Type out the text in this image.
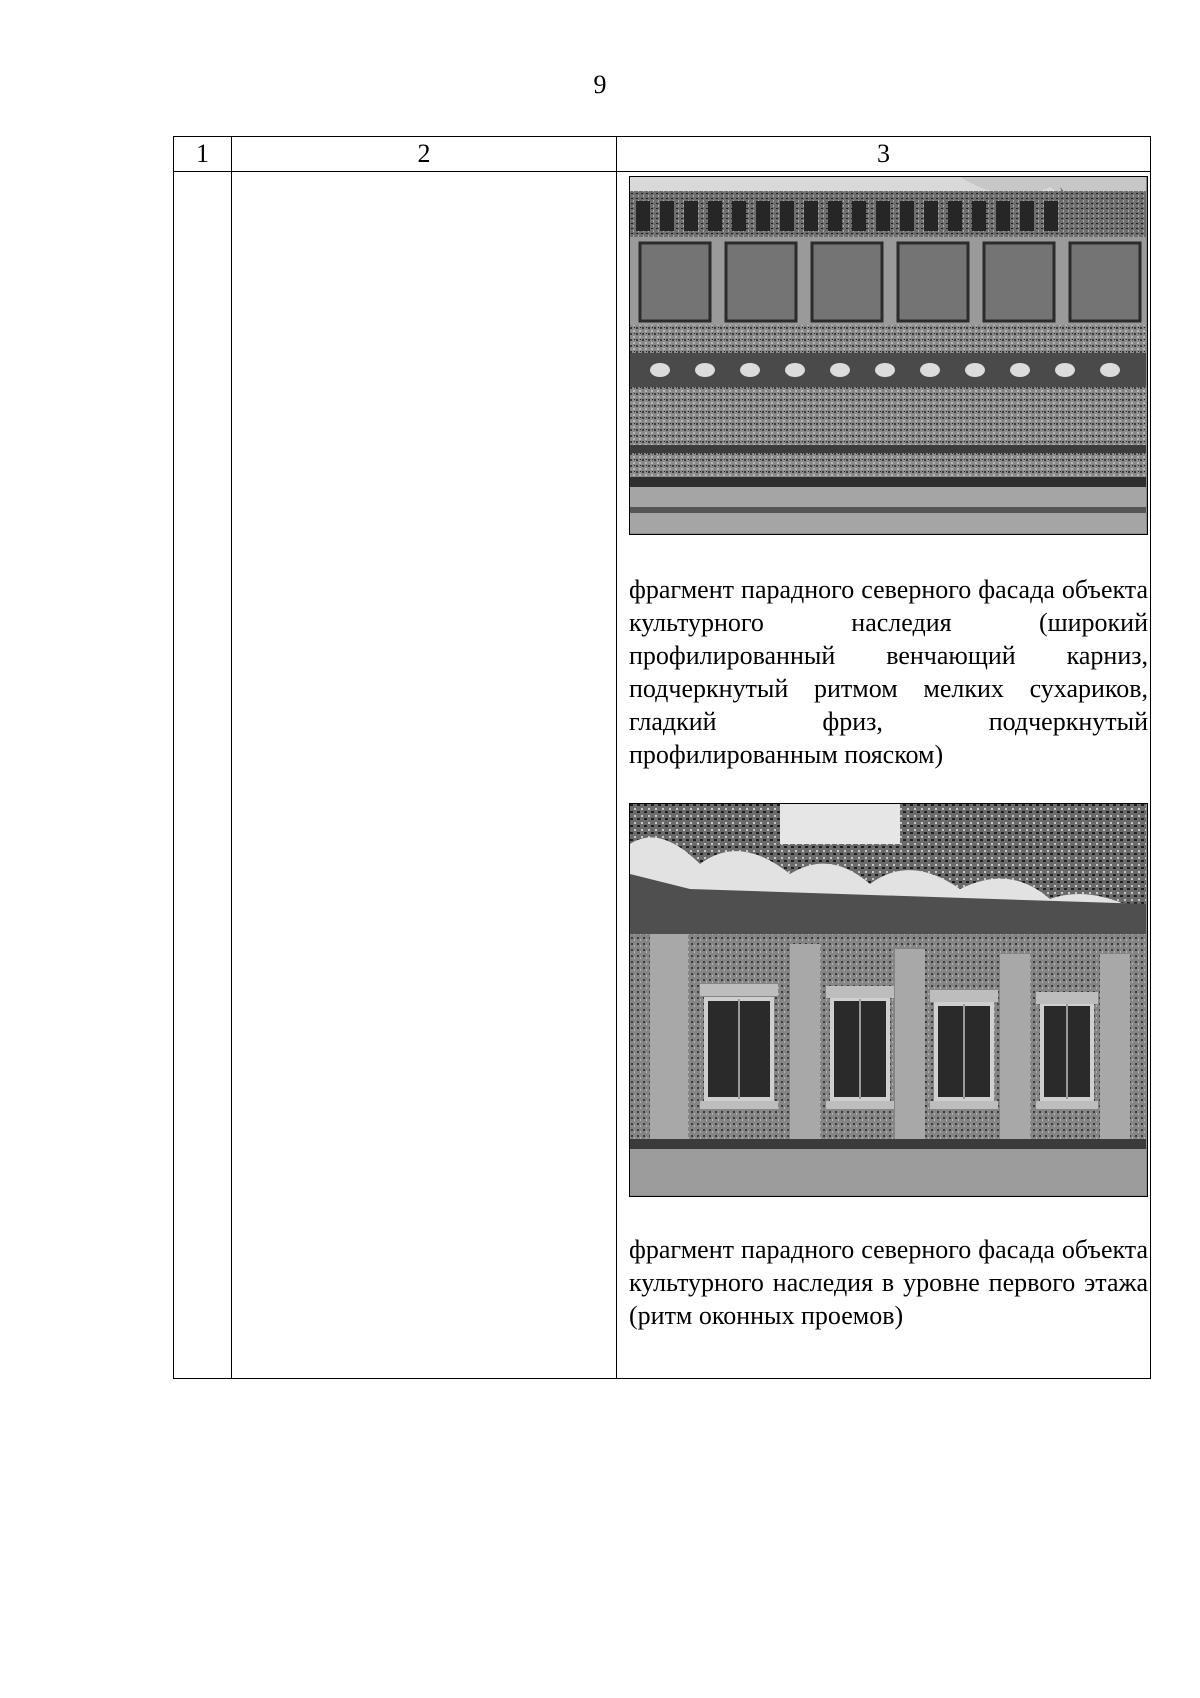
9
1	2	3

		фрагмент парадного северного фасада объекта культурного наследия (широкий профилированный венчающий карниз, подчеркнутый ритмом мелких сухариков, гладкий фриз, подчеркнутый профилированным пояском)

фрагмент парадного северного фасада объекта культурного наследия в уровне первого этажа (ритм оконных проемов)
